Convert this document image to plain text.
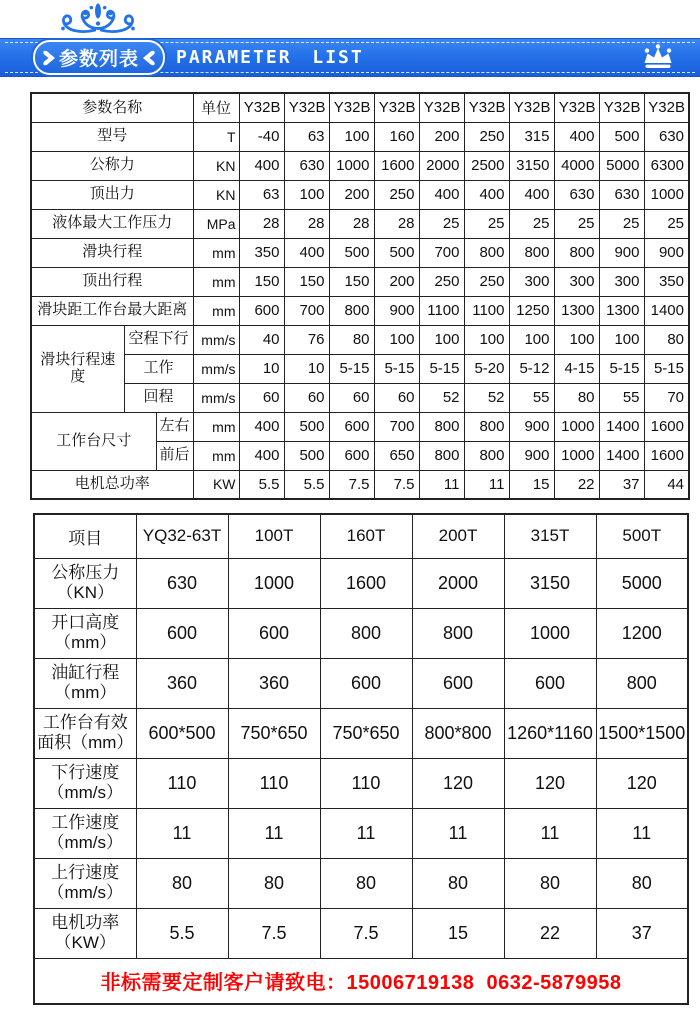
参数列表 PARAMETER LIST
参数名称			单位	Y32B	Y32B	Y32B	Y32B	Y32B	Y32B	Y32B	Y32B	Y32B	Y32B
型号			T	-40	63	100	160	200	250	315	400	500	630
公称力			KN	400	630	1000	1600	2000	2500	3150	4000	5000	6300
顶出力			KN	63	100	200	250	400	400	400	630	630	1000
液体最大工作压力			MPa	28	28	28	28	25	25	25	25	25	25
滑块行程			mm	350	400	500	500	700	800	800	800	900	900
顶出行程			mm	150	150	150	200	250	250	300	300	300	350
滑块距工作台最大距离			mm	600	700	800	900	1100	1100	1250	1300	1300	1400
滑块行程速度	空程下行		mm/s	40	76	80	100	100	100	100	100	100	80
	工作		mm/s	10	10	5-15	5-15	5-15	5-20	5-12	4-15	5-15	5-15
	回程		mm/s	60	60	60	60	52	52	55	80	55	70
工作台尺寸		左右	mm	400	500	600	700	800	800	900	1000	1400	1600
		前后	mm	400	500	600	650	800	800	900	1000	1400	1600
电机总功率			KW	5.5	5.5	7.5	7.5	11	11	15	22	37	44
项目	YQ32-63T	100T	160T	200T	315T	500T

公称压力
（KN）	630	1000	1600	2000	3150	5000

开口高度
（mm）	600	600	800	800	1000	1200

油缸行程
（mm）	360	360	600	600	600	800

工作台有效
面积（mm）	600*500	750*650	750*650	800*800	1260*1160	1500*1500

下行速度
（mm/s）	110	110	110	120	120	120

工作速度
（mm/s）	11	11	11	11	11	11

上行速度
（mm/s）	80	80	80	80	80	80

电机功率
（KW）	5.5	7.5	7.5	15	22	37
非标需要定制客户请致电：15006719138  0632-5879958						
